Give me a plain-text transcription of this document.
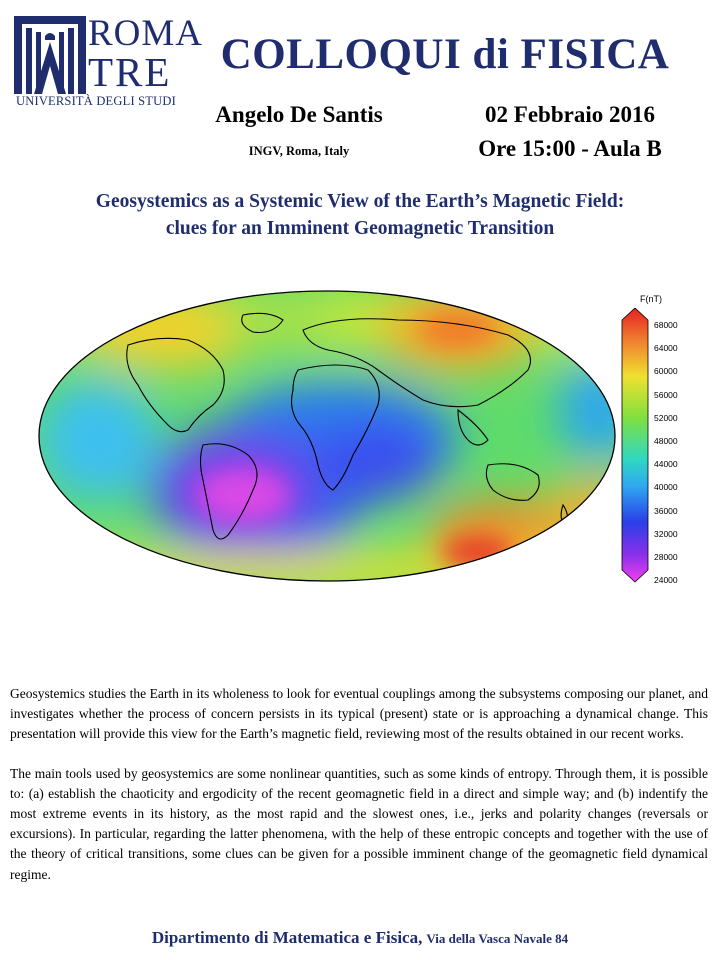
ROMA
TRE
UNIVERSITÀ DEGLI STUDI
COLLOQUI di FISICA
Angelo De Santis
INGV, Roma, Italy
02 Febbraio 2016
Ore 15:00 - Aula B
Geosystemics as a Systemic View of the Earth’s Magnetic Field:
clues for an Imminent Geomagnetic Transition
F(nT)
68000
64000
60000
56000
52000
48000
44000
40000
36000
32000
28000
24000

Geosystemics studies the Earth in its wholeness to look for eventual couplings among the subsystems composing our planet, and investigates whether the process of concern persists in its typical (present) state or is approaching a dynamical change. This presentation will provide this view for the Earth’s magnetic field, reviewing most of the results obtained in our recent works.

The main tools used by geosystemics are some nonlinear quantities, such as some kinds of entropy. Through them, it is possible to: (a) establish the chaoticity and ergodicity of the recent geomagnetic field in a direct and simple way; and (b) indentify the most extreme events in its history, as the most rapid and the slowest ones, i.e., jerks and polarity changes (reversals or excursions). In particular, regarding the latter phenomena, with the help of these entropic concepts and together with the use of the theory of critical transitions, some clues can be given for a possible imminent change of the geomagnetic field dynamical regime.

Dipartimento di Matematica e Fisica, Via della Vasca Navale 84
